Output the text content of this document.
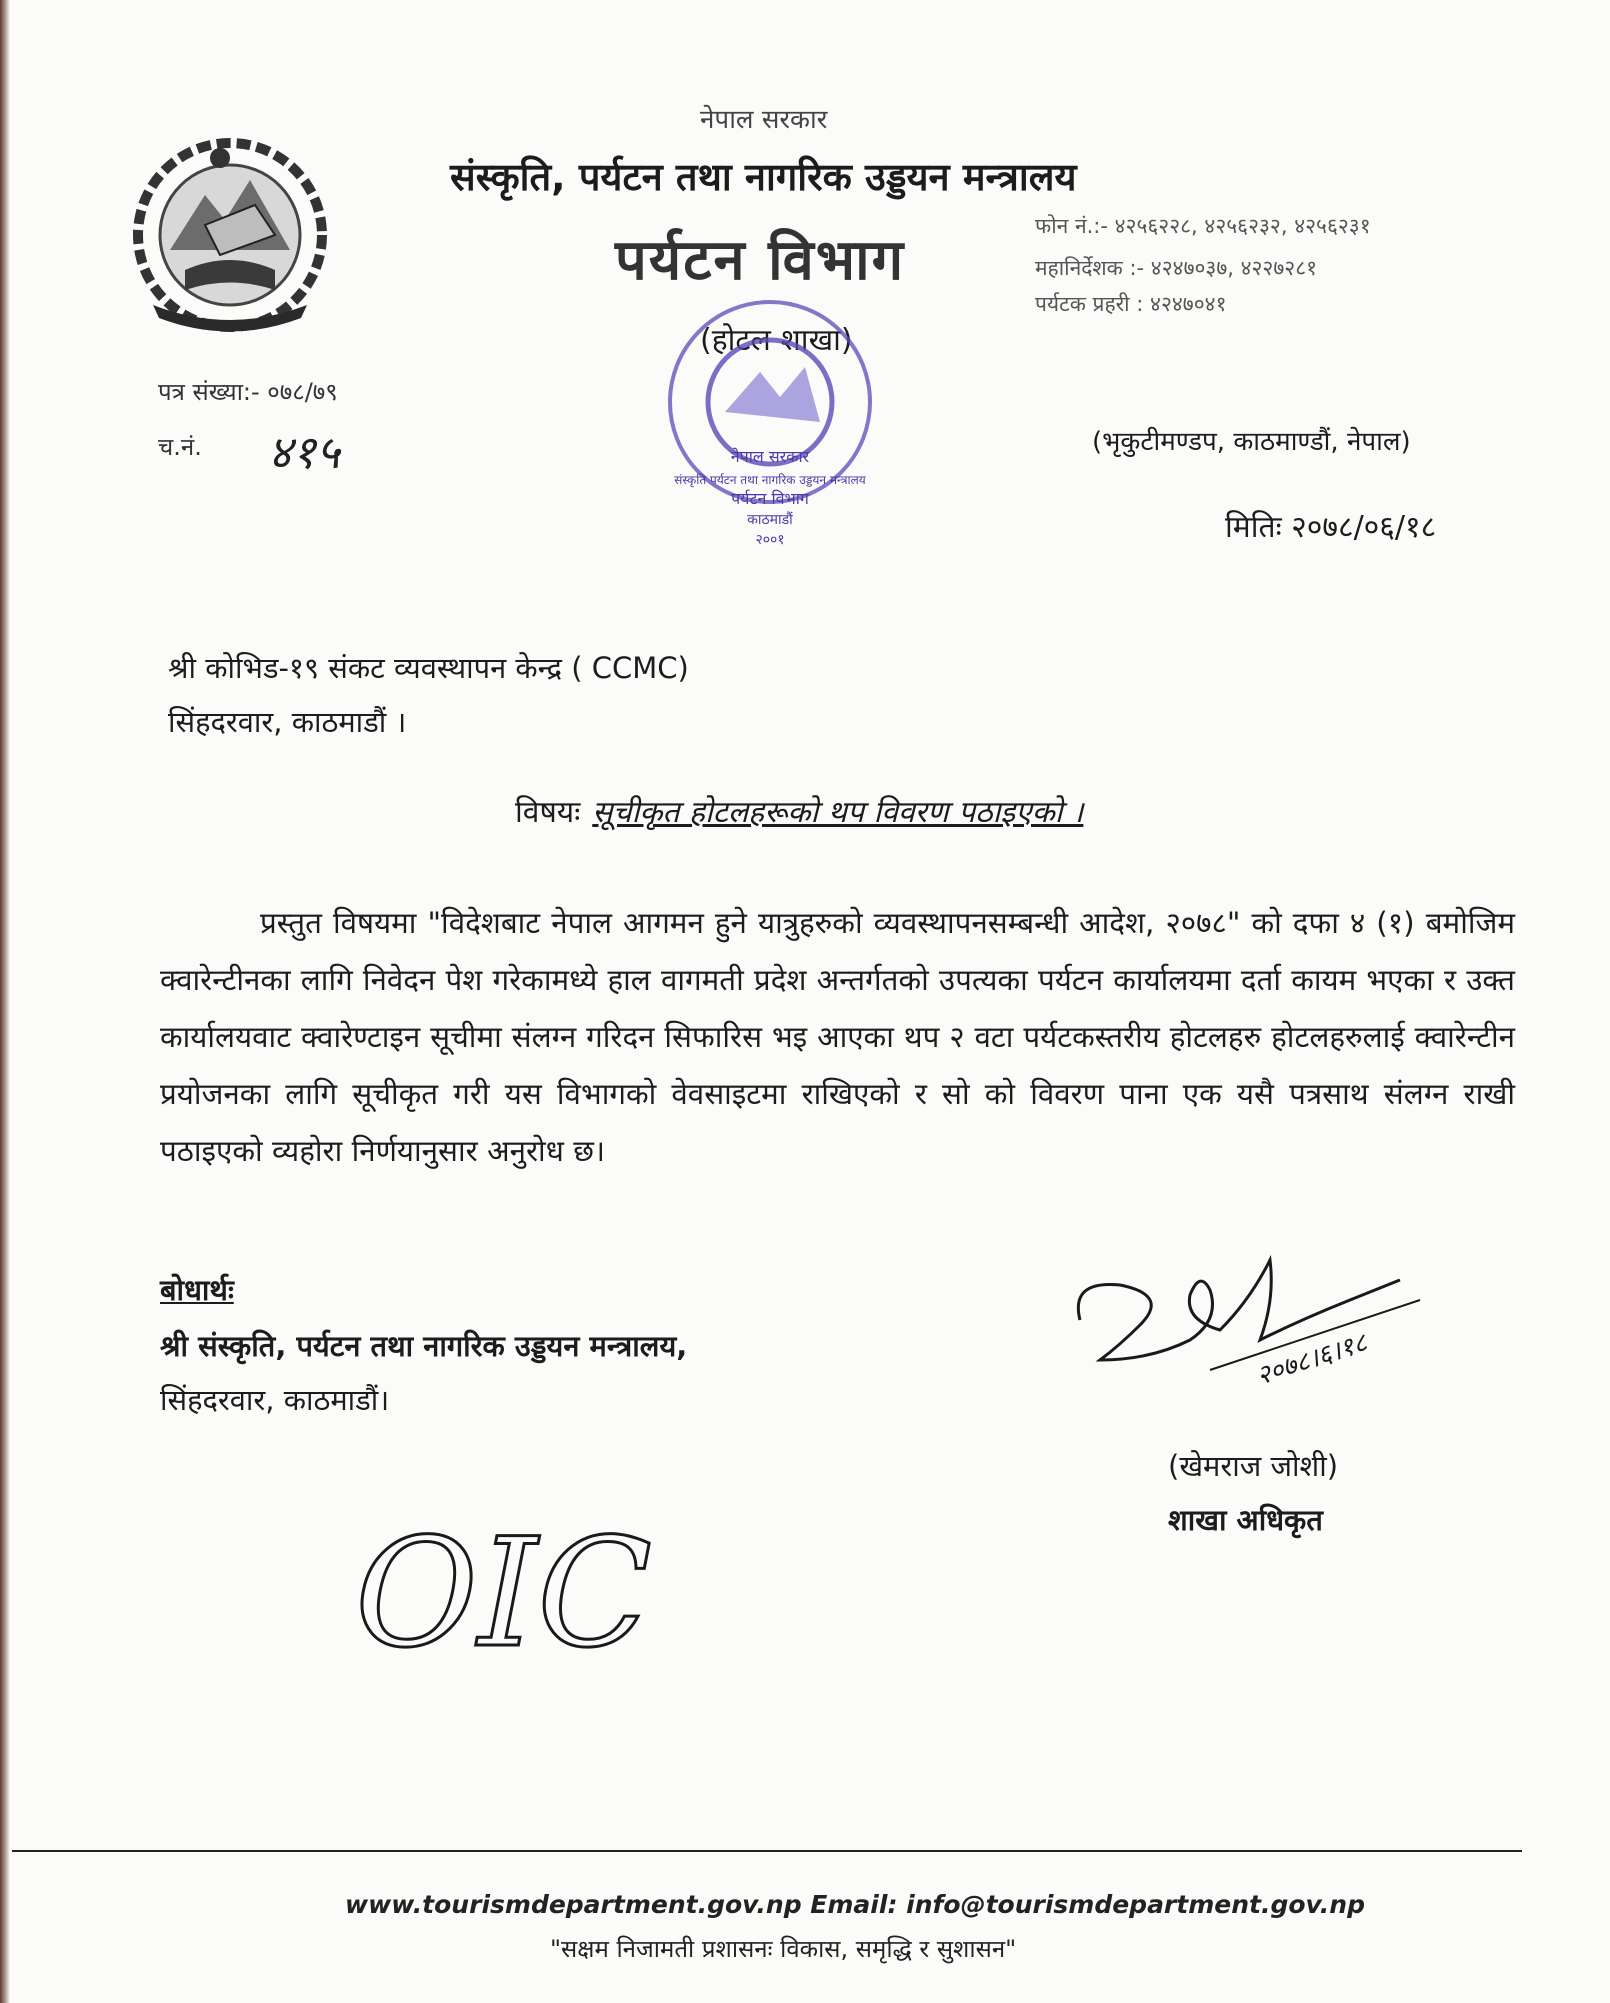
नेपाल सरकार
संस्कृति, पर्यटन तथा नागरिक उड्डयन मन्त्रालय
पर्यटन विभाग
(होटल शाखा)
फोन नं.:- ४२५६२२८, ४२५६२३२, ४२५६२३१
महानिर्देशक :- ४२४७०३७, ४२२७२८१
पर्यटक प्रहरी : ४२४७०४१
नेपाल सरकार
संस्कृति पर्यटन तथा नागरिक उड्डयन मन्त्रालय
पर्यटन विभाग
काठमाडौं
२००१
पत्र संख्या:- ०७८/७९
च.नं. ४१५	(भृकुटीमण्डप, काठमाण्डौं, नेपाल)
मितिः २०७८/०६/१८
श्री कोभिड-१९ संकट व्यवस्थापन केन्द्र ( CCMC)
सिंहदरवार, काठमाडौं ।
विषयः सूचीकृत होटलहरूको थप विवरण पठाइएको ।
प्रस्तुत विषयमा "विदेशबाट नेपाल आगमन हुने यात्रुहरुको व्यवस्थापनसम्बन्धी आदेश, २०७८" को दफा ४ (१) बमोजिम क्वारेन्टीनका लागि निवेदन पेश गरेकामध्ये हाल वागमती प्रदेश अन्तर्गतको उपत्यका पर्यटन कार्यालयमा दर्ता कायम भएका र उक्त कार्यालयवाट क्वारेण्टाइन सूचीमा संलग्न गरिदन सिफारिस भइ आएका थप २ वटा पर्यटकस्तरीय होटलहरु होटलहरुलाई क्वारेन्टीन प्रयोजनका लागि सूचीकृत गरी यस विभागको वेवसाइटमा राखिएको र सो को विवरण पाना एक यसै पत्रसाथ संलग्न राखी पठाइएको व्यहोरा निर्णयानुसार अनुरोध छ।
बोधार्थः
श्री संस्कृति, पर्यटन तथा नागरिक उड्डयन मन्त्रालय,
सिंहदरवार, काठमाडौं।
२०७८।६।१८
(खेमराज जोशी)
शाखा अधिकृत
OIC
www.tourismdepartment.gov.np Email: info@tourismdepartment.gov.np
"सक्षम निजामती प्रशासनः विकास, समृद्धि र सुशासन"
